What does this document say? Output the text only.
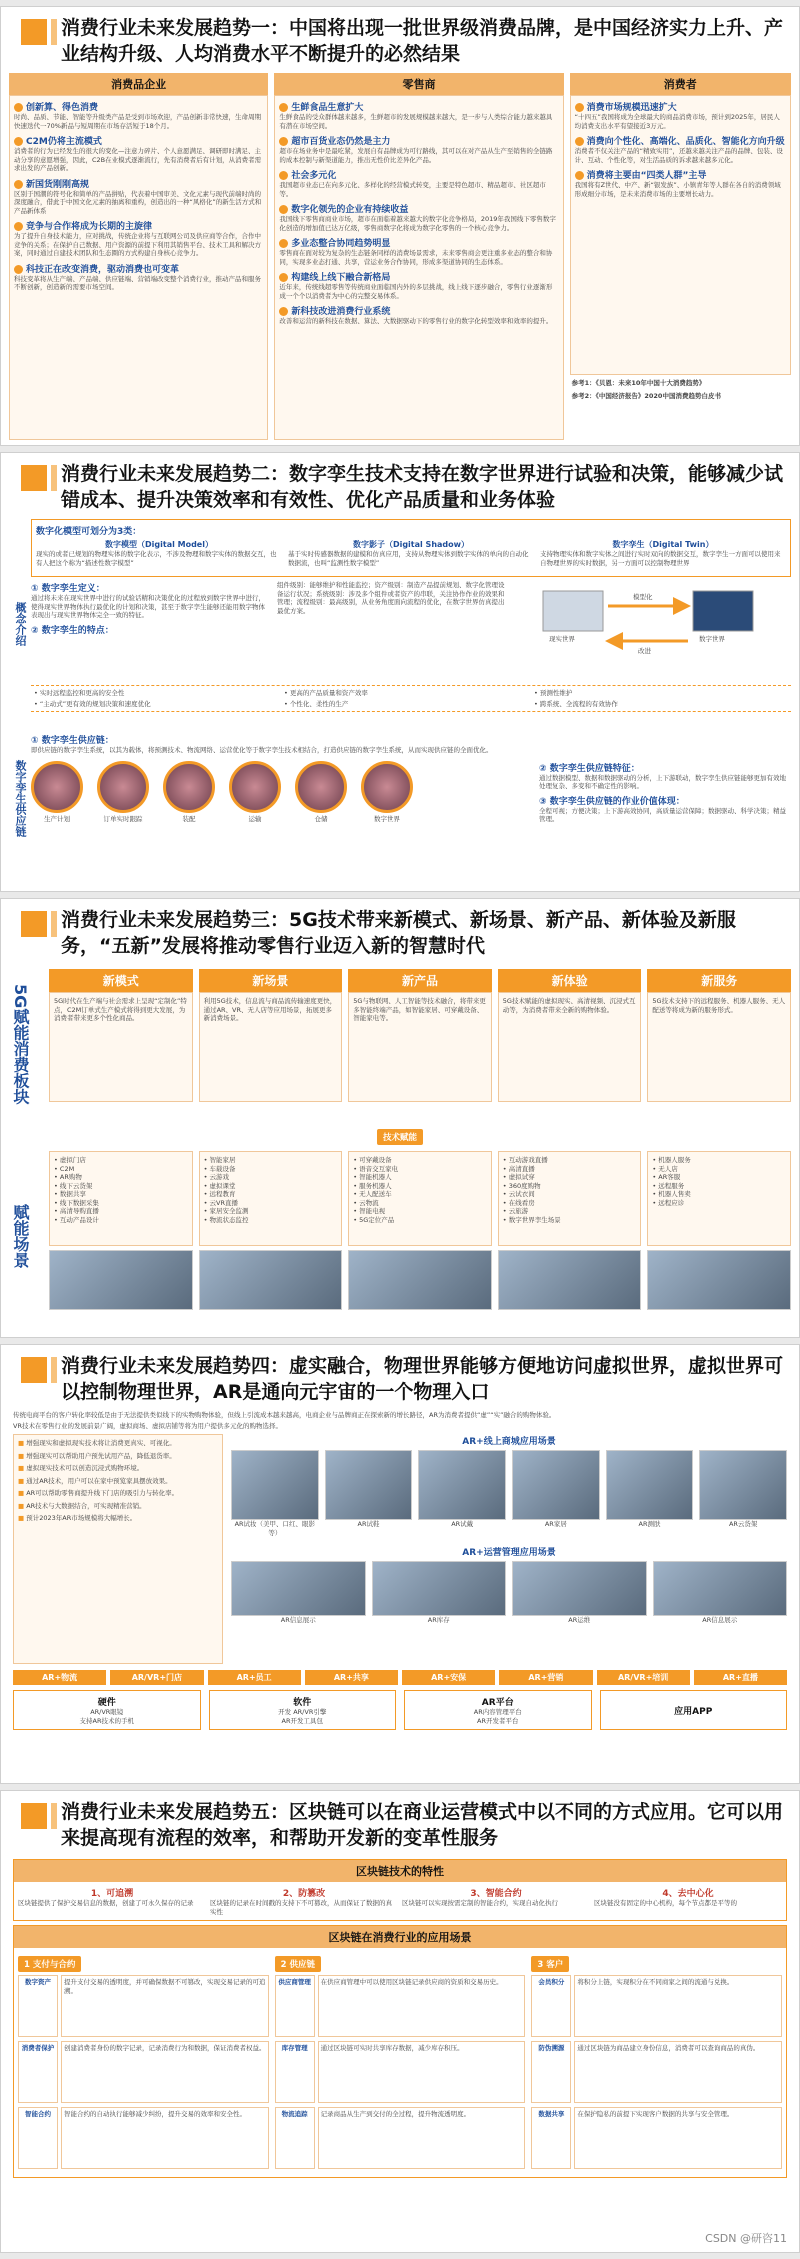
消费行业未来发展趋势一：中国将出现一批世界级消费品牌，是中国经济实力上升、产业结构升级、人均消费水平不断提升的必然结果
消费品企业
创新算、得色消费
时尚、品质、节能、智能等升级类产品是受到市场欢迎，产品创新非常快速，生命周期快速迭代一70%新品与短周期在市场存活短于18个月。
C2M仍将主流模式
消费者的行为已经发生的很大的变化—注意力碎片、个人意愿满足、调研即时满足、主动分享的意愿增强，因此，C2B在业模式逐渐流行，先有消费者后有计划，从消费者需求出发的产品创新。
新国货刚刚高规
区别于国潮的符号化和简单的产品拼贴，代表着中国审美、文化元素与现代前端时尚的深度融合，借此于中国文化元素的抽离和重构，创造出的一种“风格化”的新生活方式和产品新体系
竞争与合作将成为长期的主旋律
为了提升自身技术能力，应对挑战，传统企业将与互联网公司及供应商等合作，合作中竞争的关系；在保护自己数据、用户资源的前提下利用其销售平台、技术工具和解决方案，同时通过自建技术团队和生态圈的方式构建自身核心竞争力。
科技正在改变消费，驱动消费也可变革
科技变革将从生产端、产品端、供应链端、营销端改变整个消费行业，推动产品和服务不断创新，创造新的需要市场空间。
零售商
生鲜食品生意扩大
生鲜食品的受众群体越来越多，生鲜超市的发展规模越来越大，是一步与人类综合能力越来越具有潜在市场空间。
超市百货业态仍然是主力
超市在场业务中是最吃紧，发展自有品牌成为可行路线，其可以在对产品从生产至销售的全链路的成本控制与新渠道能力，推出无性价比差异化产品。
社会多元化
我国超市业态已在向多元化、多样化的经营模式转变，主要是特色超市、精品超市、社区超市等。
数字化领先的企业有持续收益
我国线下零售商商业市场，超市在面临着越来越大的数字化竞争格局，2019年我国线下零售数字化创造的增加值已达万亿级，零售商数字化将成为数字化零售的一个核心竞争力。
多业态整合协同趋势明显
零售商在面对较为复杂的生态链条同样的消费场景需求，未来零售商会更注重多业态的整合和协同，实现多业态打通、共享，营运业务合作协同，形成多渠道协同的生态体系。
构建线上线下融合新格局
近年来，传统线超零售等传统商业面临国内外的多层挑战，线上线下逐步融合，零售行业逐渐形成一个个以消费者为中心的完整交易体系。
新科技改进消费行业系统
改善和运营的新科技在数据、算法、大数据驱动下的零售行业的数字化转型效率和效率的提升。
消费者
消费市场规模迅速扩大
“十四五”我国将成为全球最大的商品消费市场，预计到2025年，居民人均消费支出水平有望接近3万元。
消费向个性化、高端化、品质化、智能化方向升级
消费者不仅关注产品的“精致实用”，还越来越关注产品的品牌、包装、设计、互动、个性化等，对生活品质的诉求越来越多元化。
消费将主要由“四类人群”主导
我国将有Z世代、中产、新“银发族”、小镇青年等人群在各自的消费领域形成细分市场，是未来消费市场的主要增长动力。
参考1：《贝恩：未来10年中国十大消费趋势》
参考2：《中国经济报告》2020中国消费趋势白皮书
消费行业未来发展趋势二：数字孪生技术支持在数字世界进行试验和决策，能够减少试错成本、提升决策效率和有效性、优化产品质量和业务体验
概念介绍
数字化模型可划分为3类：
数字模型（Digital Model）
现实的或者已规划的物理实体的数字化表示，不涉及物理和数字实体的数据交互，也有人把这个称为“描述性数字模型”
数字影子（Digital Shadow）
基于实时传感器数据的建模和仿真应用，支持从物理实体到数字实体的单向的自动化数据流，也叫“监测性数字模型”
数字孪生（Digital Twin）
支持物理实体和数字实体之间进行实时双向的数据交互，数字孪生一方面可以使用来自物理世界的实时数据，另一方面可以控制物理世界
① 数字孪生定义：
通过将未来在现实世界中进行的试验话精和决策优化的过程放到数字世界中进行，使得现实世界物体执行最优化的计划和决策，甚至于数字孪生能够还能用数字物体表现出与现实世界物体完全一致的特征。
② 数字孪生的特点：
组件级别：能够维护和性能监控；资产级别：制造产品提前规划、数字化管理设备运行状况；系统级别：涉及多个组件或者资产的串联，关注协作作业的效果和管理；流程级别：最高级别，从业务角度面向流程的优化，在数字世界仿真提出最优方案。
现实世界	数字世界
模型化
改进
• 实时远程监控和更高的安全性	• 更高的产品质量和资产效率	• 预测性维护
• “主动式”更有效的规划决策和速度优化	• 个性化、柔性的生产	• 跨系统、全流程的有效协作
数字孪生供应链
① 数字孪生供应链：
即供应链的数字孪生系统，以其为载体，将预测技术、物流网络、运营优化等于数字孪生技术相结合，打造供应链的数字孪生系统，从而实现供应链的全面优化。
生产计划	订单实时跟踪	装配	运输	仓储	数字世界
② 数字孪生供应链特征：
通过数据模型、数据和数据驱动的分析，上下游联动，数字孪生供应链能够更加有效地处理复杂、多变和不确定性的影响。
③ 数字孪生供应链的作业价值体现：
全程可视；方便决策；上下游高效协同，高质量运营保障；数据驱动、科学决策；精益管理。
消费行业未来发展趋势三：5G技术带来新模式、新场景、新产品、新体验及新服务，“五新”发展将推动零售行业迈入新的智慧时代
5G赋能消费板块
新模式
5G时代在生产端与社会需求上呈现“定制化”特点，C2M订单式生产模式将得到更大发展，为消费者带来更多个性化商品。
新场景
利用5G技术，信息流与商品流传输速度更快，通过AR、VR、无人店等应用场景，拓展更多新消费场景。
新产品
5G与物联网、人工智能等技术融合，将带来更多智能终端产品，如智能家居、可穿戴设备、智能家电等。
新体验
5G技术赋能的虚拟现实、高清视频、沉浸式互动等，为消费者带来全新的购物体验。
新服务
5G技术支持下的远程服务、机器人服务、无人配送等将成为新的服务形式。
技术赋能
赋能场景
• 虚拟门店
• C2M
• AR购物
• 线下云货架
• 数据共享
• 线下数据采集
• 高清导购直播
• 互动产品设计
• 智能家居
• 车载设备
• 云游戏
• 虚拟课堂
• 远程教育
• 云VR直播
• 家居安全监测
• 物流状态监控
• 可穿戴设备
• 语音交互家电
• 智能机器人
• 服务机器人
• 无人配送车
• 云物流
• 智能电视
• 5G定位产品
• 互动游戏直播
• 高清直播
• 虚拟试穿
• 360度购物
• 云试衣间
• 在线看房
• 云旅游
• 数字世界孪生场景
• 机器人服务
• 无人店
• AR客服
• 远程服务
• 机器人售卖
• 远程应诊
消费行业未来发展趋势四：虚实融合，物理世界能够方便地访问虚拟世界，虚拟世界可以控制物理世界，AR是通向元宇宙的一个物理入口
传统电商平台的客户转化率较低是由于无法提供类似线下的实物购物体验，但线上引流成本越来越高，电商企业与品牌商正在探索新的增长路径，AR为消费者提供“虚”“实”融合的购物体验。
VR技术在零售行业的发展前景广阔，虚拟商场、虚拟店铺等将为用户提供多元化的购物选择。
■ 增强现实和虚拟现实技术将让消费更真实、可视化。
■ 增强现实可以帮助用户预先试用产品，降低退货率。
■ 虚拟现实技术可以创造沉浸式购物环境。
■ 通过AR技术，用户可以在家中预览家具摆放效果。
■ AR可以帮助零售商提升线下门店的吸引力与转化率。
■ AR技术与大数据结合，可实现精准营销。
■ 预计2023年AR市场规模将大幅增长。
AR+线上商城应用场景
AR试妆（美甲、口红、眼影等）
AR试鞋	AR试戴	AR家居	AR测肤	AR云货架
AR+运营管理应用场景
AR信息展示	AR库存	AR运维	AR信息展示
AR+物流	AR/VR+门店	AR+员工	AR+共享	AR+安保	AR+营销	AR/VR+培训	AR+直播
硬件
AR/VR眼镜
支持AR技术的手机
软件
开发 AR/VR引擎
AR开发工具包
AR平台
AR内容管理平台
AR开发者平台
应用APP
消费行业未来发展趋势五：区块链可以在商业运营模式中以不同的方式应用。它可以用来提高现有流程的效率，和帮助开发新的变革性服务
区块链技术的特性
1、可追溯
区块链提供了保护交易信息的数据，创建了可永久保存的记录
2、防篡改
区块链的记录在时间戳的支持下不可篡改，从而保证了数据的真实性
3、智能合约
区块链可以实现按需定制的智能合约，实现自动化执行
4、去中心化
区块链没有固定的中心机构，每个节点都是平等的
区块链在消费行业的应用场景
1 支付与合约
数字资产	提升支付交易的透明度，并可确保数据不可篡改，实现交易记录的可追溯。
消费者保护	创建消费者身份的数字记录，记录消费行为和数据，保证消费者权益。
智能合约	智能合约的自动执行能够减少纠纷，提升交易的效率和安全性。
2 供应链
供应商管理	在供应商管理中可以使用区块链记录供应商的资质和交易历史。
库存管理	通过区块链可实时共享库存数据，减少库存积压。
物流追踪	记录商品从生产到交付的全过程，提升物流透明度。
3 客户
会员积分	将积分上链，实现积分在不同商家之间的流通与兑换。
防伪溯源	通过区块链为商品建立身份信息，消费者可以查询商品的真伪。
数据共享	在保护隐私的前提下实现客户数据的共享与安全管理。
CSDN @研咨11
